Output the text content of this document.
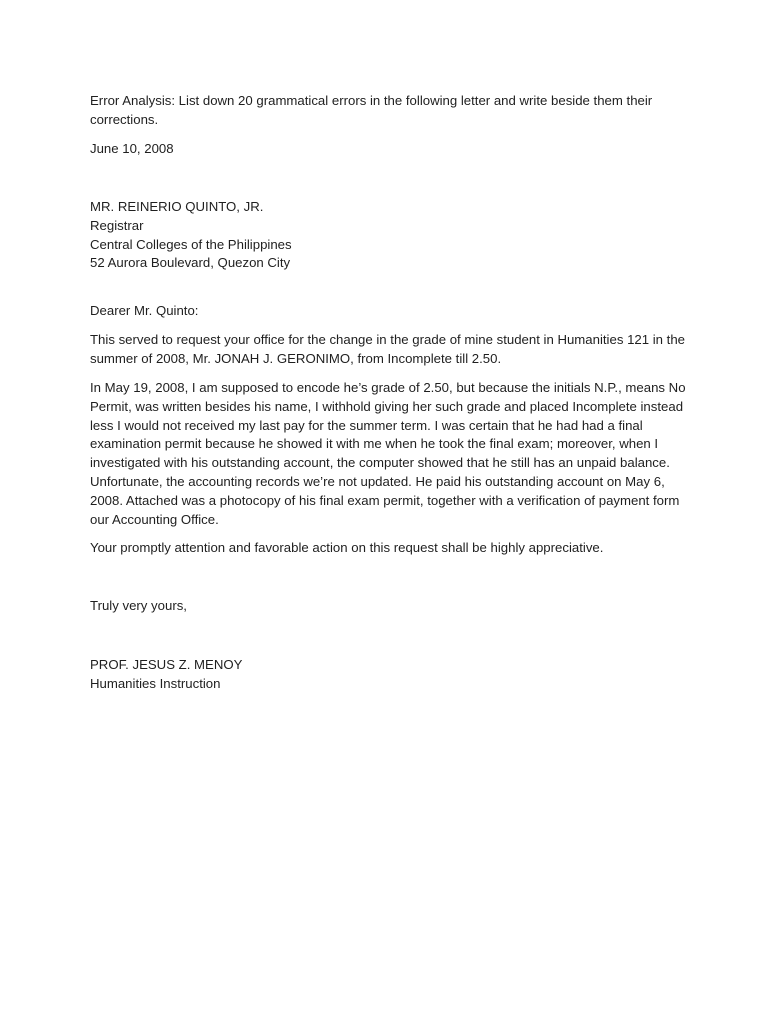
Error Analysis: List down 20 grammatical errors in the following letter and write beside them their
corrections.

June 10, 2008

MR. REINERIO QUINTO, JR.
Registrar
Central Colleges of the Philippines
52 Aurora Boulevard, Quezon City

Dearer Mr. Quinto:

This served to request your office for the change in the grade of mine student in Humanities 121 in the
summer of 2008, Mr. JONAH J. GERONIMO, from Incomplete till 2.50.

In May 19, 2008, I am supposed to encode he’s grade of 2.50, but because the initials N.P., means No
Permit, was written besides his name, I withhold giving her such grade and placed Incomplete instead
less I would not received my last pay for the summer term. I was certain that he had had a final
examination permit because he showed it with me when he took the final exam; moreover, when I
investigated with his outstanding account, the computer showed that he still has an unpaid balance.
Unfortunate, the accounting records we’re not updated. He paid his outstanding account on May 6,
2008. Attached was a photocopy of his final exam permit, together with a verification of payment form
our Accounting Office.

Your promptly attention and favorable action on this request shall be highly appreciative.

Truly very yours,

PROF. JESUS Z. MENOY
Humanities Instruction
